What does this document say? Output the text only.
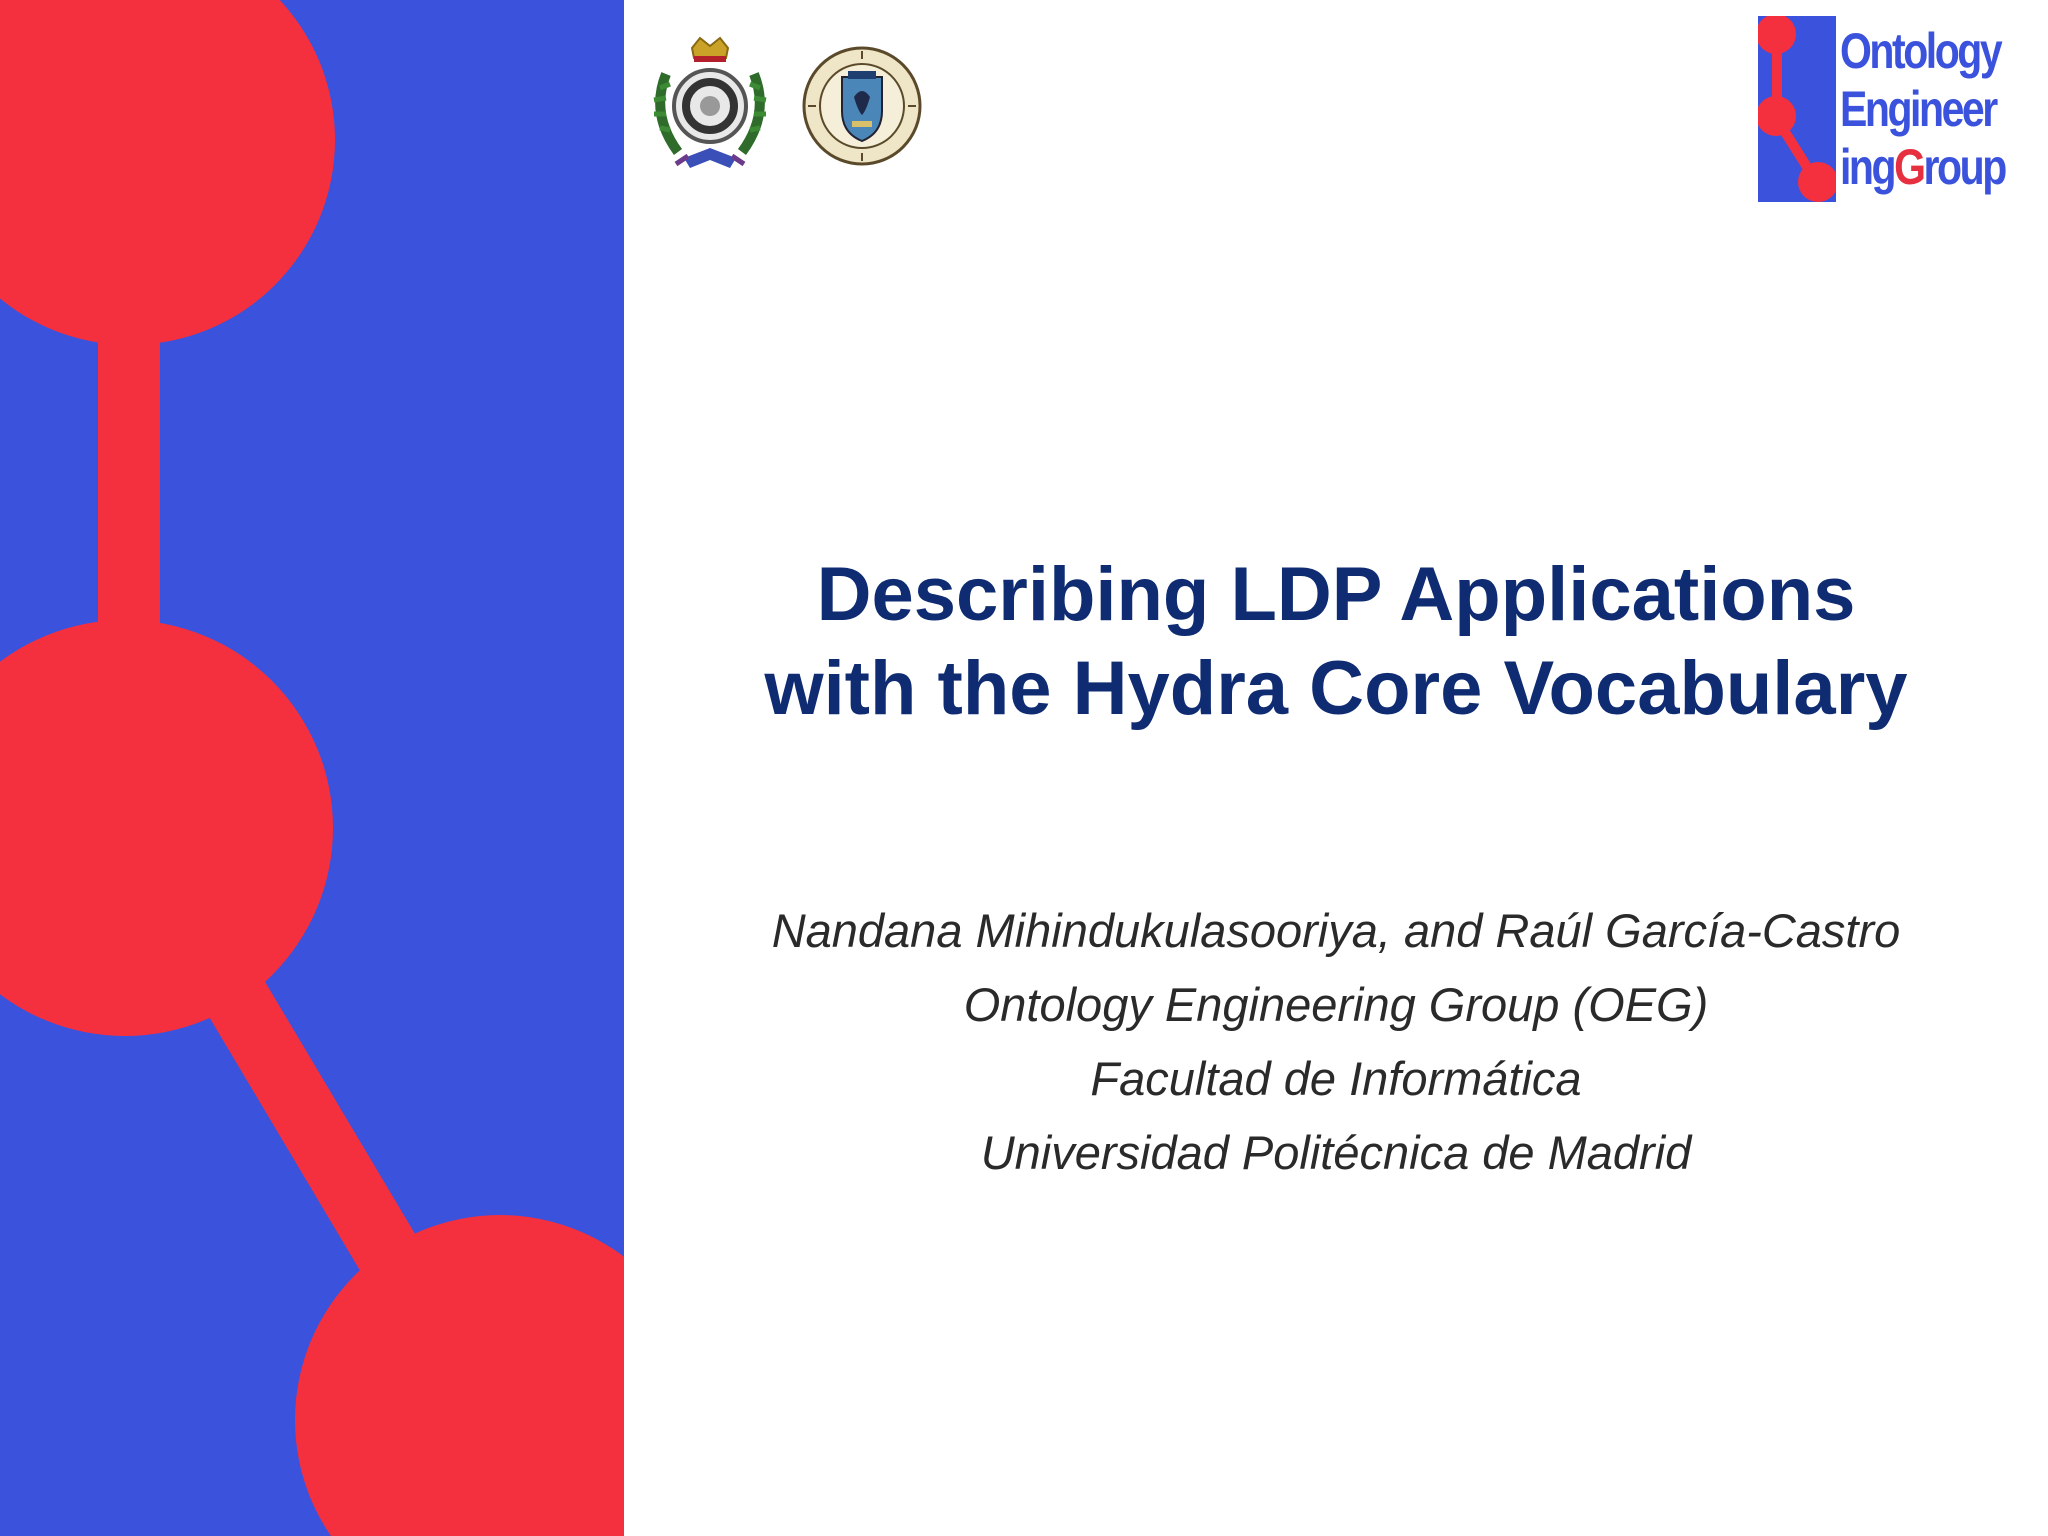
Ontology
Engineer
ingGroup
Describing LDP Applications
with the Hydra Core Vocabulary
Nandana Mihindukulasooriya, and Raúl García-Castro
Ontology Engineering Group (OEG)
Facultad de Informática
Universidad Politécnica de Madrid
